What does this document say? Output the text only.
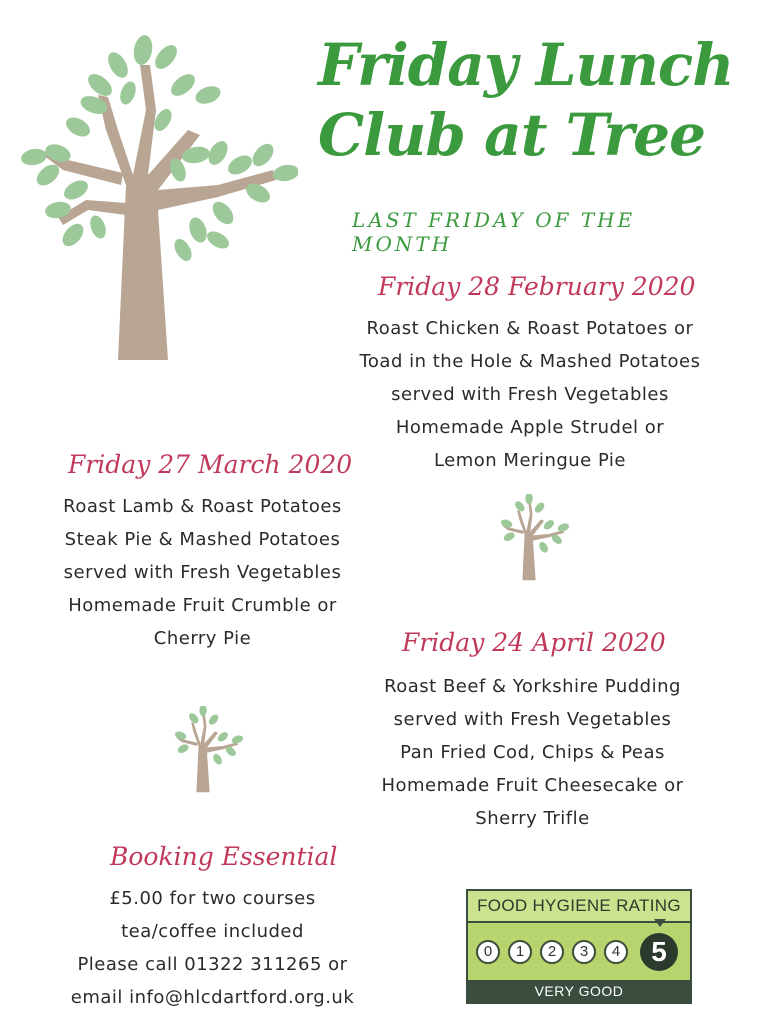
Friday Lunch
Club at Tree
LAST FRIDAY OF THE MONTH
Friday 28 February 2020
Roast Chicken & Roast Potatoes or
Toad in the Hole & Mashed Potatoes
served with Fresh Vegetables
Homemade Apple Strudel or
Lemon Meringue Pie
Friday 27 March 2020
Roast Lamb & Roast Potatoes
Steak Pie & Mashed Potatoes
served with Fresh Vegetables
Homemade Fruit Crumble or
Cherry Pie	Friday 24 April 2020
Roast Beef & Yorkshire Pudding
served with Fresh Vegetables
Pan Fried Cod, Chips & Peas
Homemade Fruit Cheesecake or
Sherry Trifle
Booking Essential
£5.00 for two courses
tea/coffee included
Please call 01322 311265 or
email info@hlcdartford.org.uk
FOOD HYGIENE RATING
0	1	2	3	4	5
VERY GOOD
